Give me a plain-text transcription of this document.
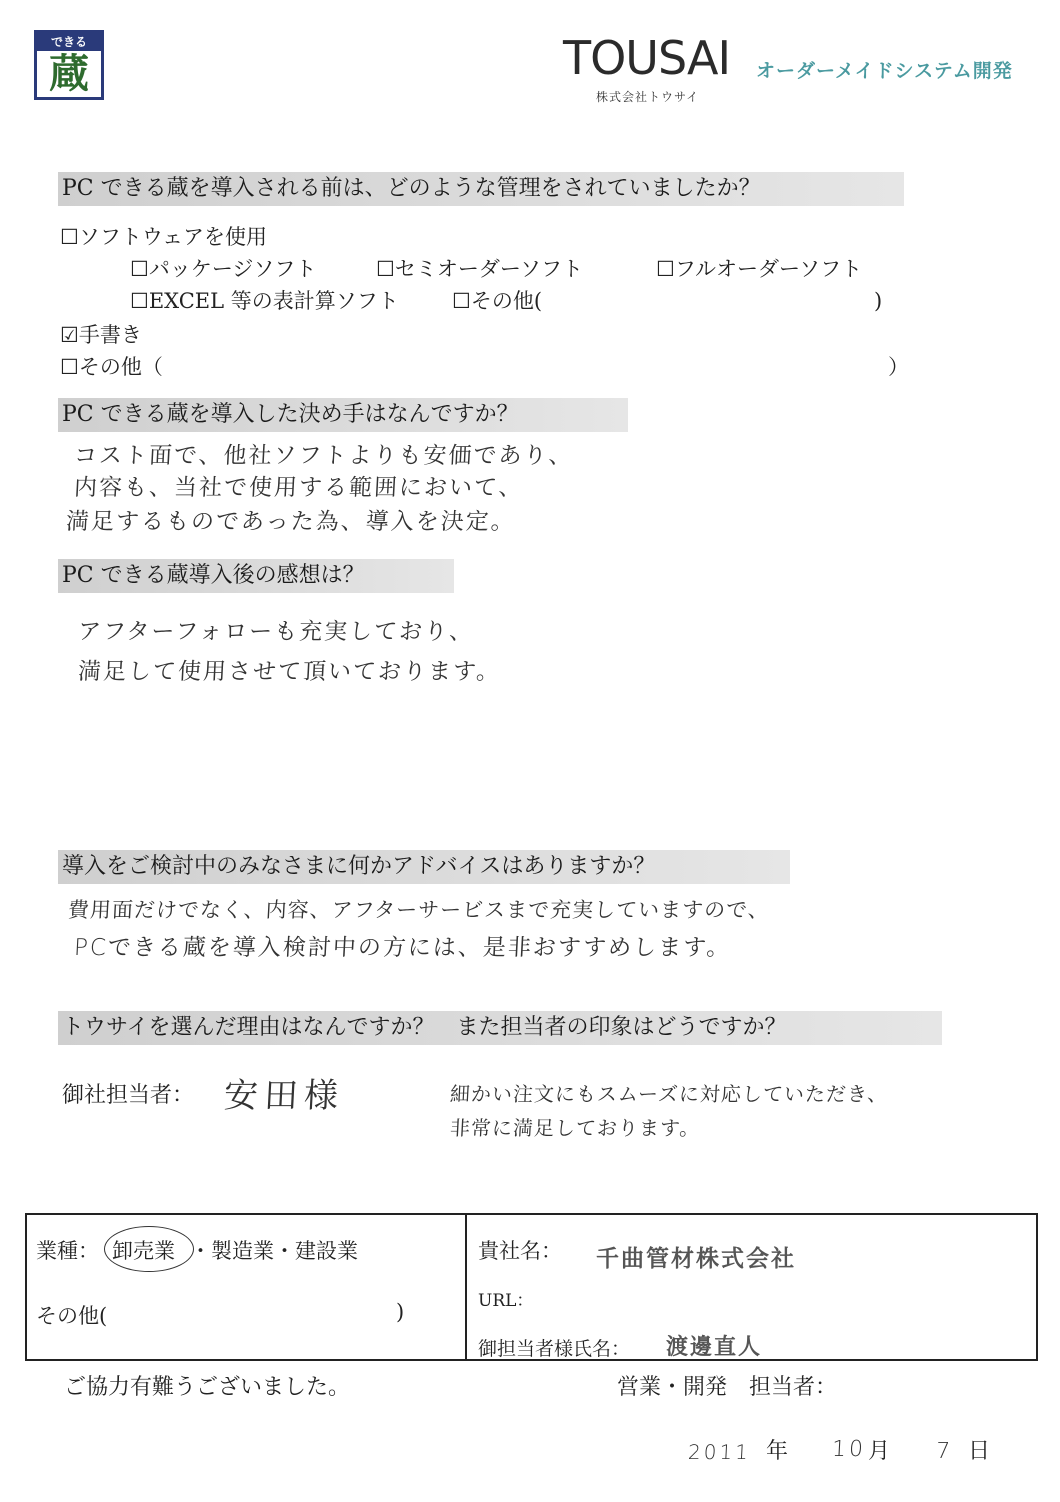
できる
蔵	TOUSAI オーダーメイドシステム開発
株式会社トウサイ
PC できる蔵を導入される前は、どのような管理をされていましたか？
☐ソフトウェアを使用
☐パッケージソフト	☐セミオーダーソフト	☐フルオーダーソフト
☐EXCEL 等の表計算ソフト	☐その他(	)
☑手書き
☐その他（	）
PC できる蔵を導入した決め手はなんですか？
コスト面で、他社ソフトよりも安価であり、
内容も、当社で使用する範囲において、
満足するものであった為、導入を決定。
PC できる蔵導入後の感想は？
アフターフォローも充実しており、
満足して使用させて頂いております。
導入をご検討中のみなさまに何かアドバイスはありますか？
費用面だけでなく、内容、アフターサービスまで充実していますので、
PCできる蔵を導入検討中の方には、是非おすすめします。
トウサイを選んだ理由はなんですか？　また担当者の印象はどうですか？
御社担当者： 安田様	細かい注文にもスムーズに対応していただき、
非常に満足しております。
業種： 卸売業 ・製造業・建設業
その他(	)
貴社名： 千曲管材株式会社
URL：
御担当者様氏名： 渡邊直人
ご協力有難うございました。	営業・開発　担当者：
2011 年 10 月 7 日
